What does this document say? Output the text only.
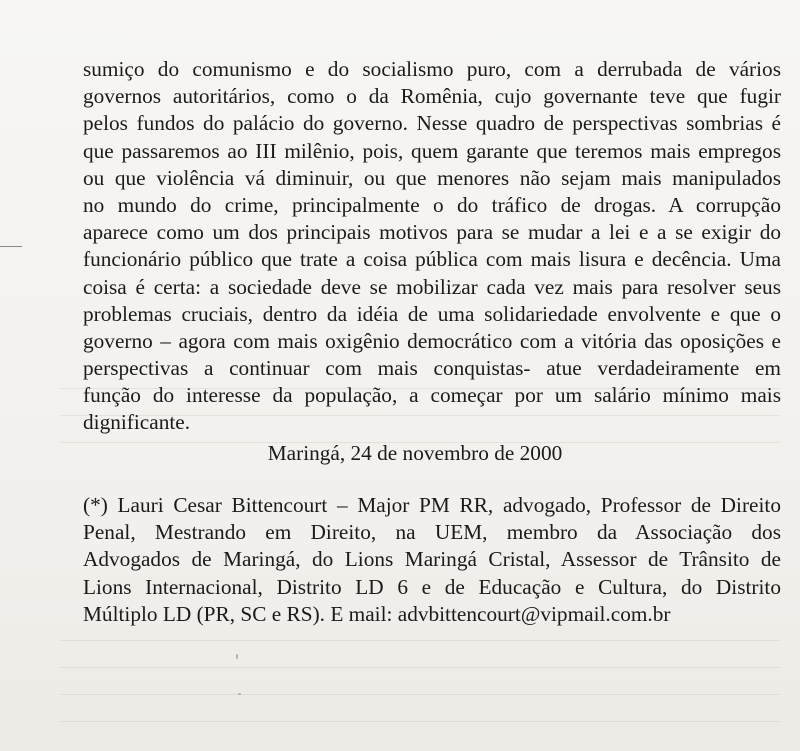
sumiço do comunismo e do socialismo puro, com a derrubada de vários
governos autoritários, como o da Romênia, cujo governante teve que fugir
pelos fundos do palácio do governo. Nesse quadro de perspectivas sombrias é
que passaremos ao III milênio, pois, quem garante que teremos mais empregos
ou que violência vá diminuir, ou que menores não sejam mais manipulados
no mundo do crime, principalmente o do tráfico de drogas. A corrupção
aparece como um dos principais motivos para se mudar a lei e a se exigir do
funcionário público que trate a coisa pública com mais lisura e decência. Uma
coisa é certa: a sociedade deve se mobilizar cada vez mais para resolver seus
problemas cruciais, dentro da idéia de uma solidariedade envolvente e que o
governo – agora com mais oxigênio democrático com a vitória das oposições e
perspectivas a continuar com mais conquistas- atue verdadeiramente em
função do interesse da população, a começar por um salário mínimo mais
dignificante.
Maringá, 24 de novembro de 2000
(*) Lauri Cesar Bittencourt – Major PM RR, advogado, Professor de Direito
Penal, Mestrando em Direito, na UEM, membro da Associação dos
Advogados de Maringá, do Lions Maringá Cristal, Assessor de Trânsito de
Lions Internacional, Distrito LD 6 e de Educação e Cultura, do Distrito
Múltiplo LD (PR, SC e RS). E mail: advbittencourt@vipmail.com.br
